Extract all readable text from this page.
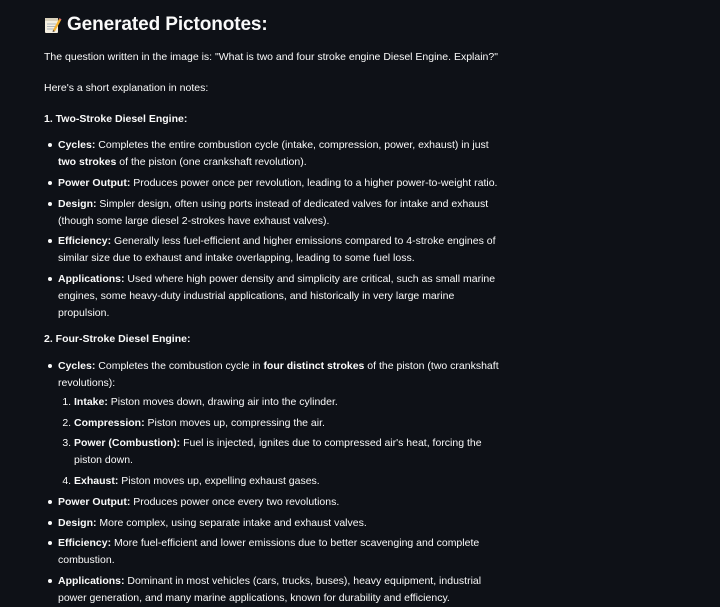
Generated Pictonotes:

The question written in the image is: "What is two and four stroke engine Diesel Engine. Explain?"

Here's a short explanation in notes:

1. Two-Stroke Diesel Engine:
Cycles: Completes the entire combustion cycle (intake, compression, power, exhaust) in just two strokes of the piston (one crankshaft revolution).
Power Output: Produces power once per revolution, leading to a higher power-to-weight ratio.
Design: Simpler design, often using ports instead of dedicated valves for intake and exhaust (though some large diesel 2-strokes have exhaust valves).
Efficiency: Generally less fuel-efficient and higher emissions compared to 4-stroke engines of similar size due to exhaust and intake overlapping, leading to some fuel loss.
Applications: Used where high power density and simplicity are critical, such as small marine engines, some heavy-duty industrial applications, and historically in very large marine propulsion.
2. Four-Stroke Diesel Engine:
Cycles: Completes the combustion cycle in four distinct strokes of the piston (two crankshaft revolutions):
1. Intake: Piston moves down, drawing air into the cylinder.
2. Compression: Piston moves up, compressing the air.
3. Power (Combustion): Fuel is injected, ignites due to compressed air's heat, forcing the piston down.
4. Exhaust: Piston moves up, expelling exhaust gases.
Power Output: Produces power once every two revolutions.
Design: More complex, using separate intake and exhaust valves.
Efficiency: More fuel-efficient and lower emissions due to better scavenging and complete combustion.
Applications: Dominant in most vehicles (cars, trucks, buses), heavy equipment, industrial power generation, and many marine applications, known for durability and efficiency.
